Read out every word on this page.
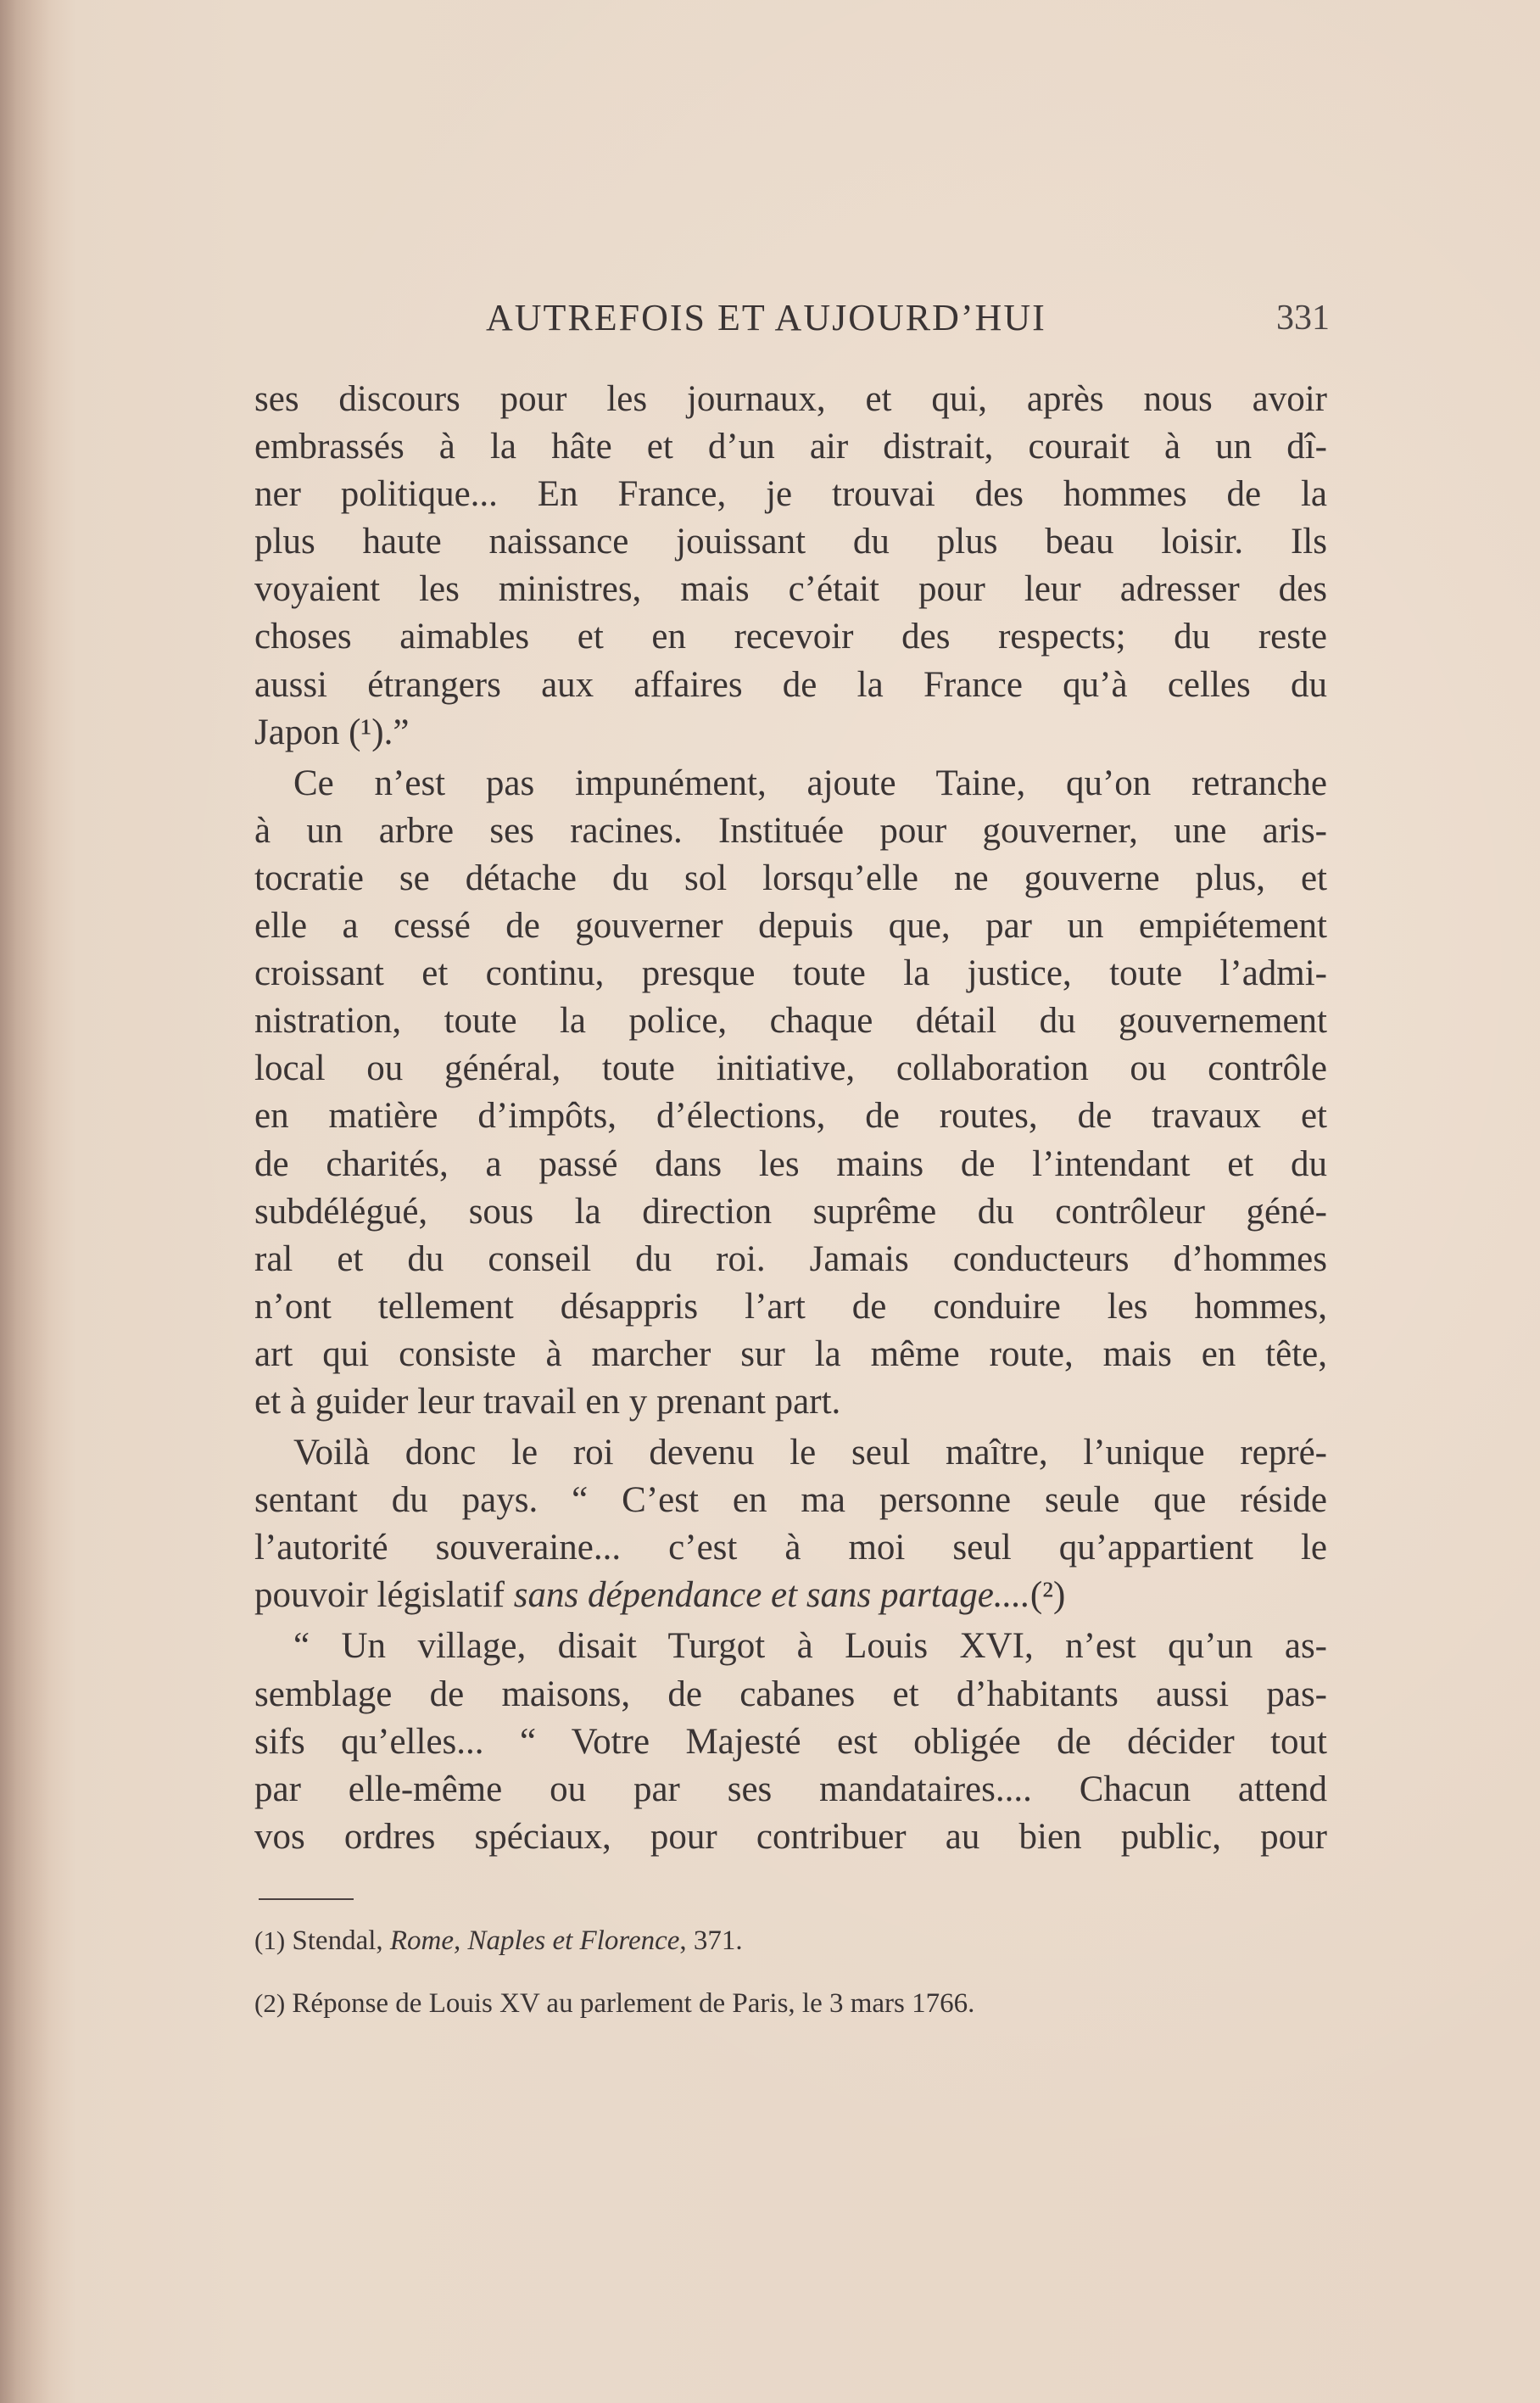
AUTREFOIS ET AUJOURD’HUI	331
ses discours pour les journaux, et qui, après nous avoir
embrassés à la hâte et d’un air distrait, courait à un dî-
ner politique... En France, je trouvai des hommes de la
plus haute naissance jouissant du plus beau loisir. Ils
voyaient les ministres, mais c’était pour leur adresser des
choses aimables et en recevoir des respects; du reste
aussi étrangers aux affaires de la France qu’à celles du
Japon (¹).”
Ce n’est pas impunément, ajoute Taine, qu’on retranche
à un arbre ses racines. Instituée pour gouverner, une aris-
tocratie se détache du sol lorsqu’elle ne gouverne plus, et
elle a cessé de gouverner depuis que, par un empiétement
croissant et continu, presque toute la justice, toute l’admi-
nistration, toute la police, chaque détail du gouvernement
local ou général, toute initiative, collaboration ou contrôle
en matière d’impôts, d’élections, de routes, de travaux et
de charités, a passé dans les mains de l’intendant et du
subdélégué, sous la direction suprême du contrôleur géné-
ral et du conseil du roi. Jamais conducteurs d’hommes
n’ont tellement désappris l’art de conduire les hommes,
art qui consiste à marcher sur la même route, mais en tête,
et à guider leur travail en y prenant part.
Voilà donc le roi devenu le seul maître, l’unique repré-
sentant du pays. “ C’est en ma personne seule que réside
l’autorité souveraine... c’est à moi seul qu’appartient le
pouvoir législatif sans dépendance et sans partage....(²)
“ Un village, disait Turgot à Louis XVI, n’est qu’un as-
semblage de maisons, de cabanes et d’habitants aussi pas-
sifs qu’elles... “ Votre Majesté est obligée de décider tout
par elle-même ou par ses mandataires.... Chacun attend
vos ordres spéciaux, pour contribuer au bien public, pour
(1) Stendal, Rome, Naples et Florence, 371.
(2) Réponse de Louis XV au parlement de Paris, le 3 mars 1766.
